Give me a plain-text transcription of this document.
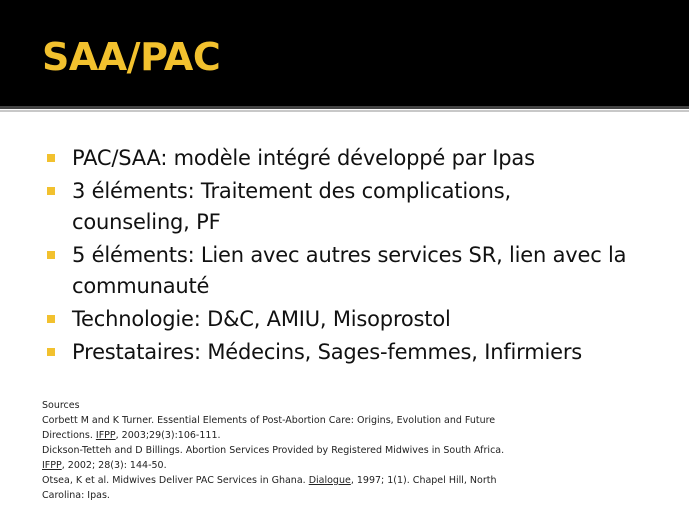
SAA/PAC
PAC/SAA: modèle intégré développé par Ipas
3 éléments: Traitement des complications,
counseling, PF
5 éléments: Lien avec autres services SR, lien avec la
communauté
Technologie: D&C, AMIU, Misoprostol
Prestataires: Médecins, Sages-femmes, Infirmiers
Sources
Corbett M and K Turner. Essential Elements of Post-Abortion Care: Origins, Evolution and Future
Directions. IFPP, 2003;29(3):106-111.
Dickson-Tetteh and D Billings. Abortion Services Provided by Registered Midwives in South Africa.
IFPP, 2002; 28(3): 144-50.
Otsea, K et al. Midwives Deliver PAC Services in Ghana. Dialogue, 1997; 1(1). Chapel Hill, North
Carolina: Ipas.
